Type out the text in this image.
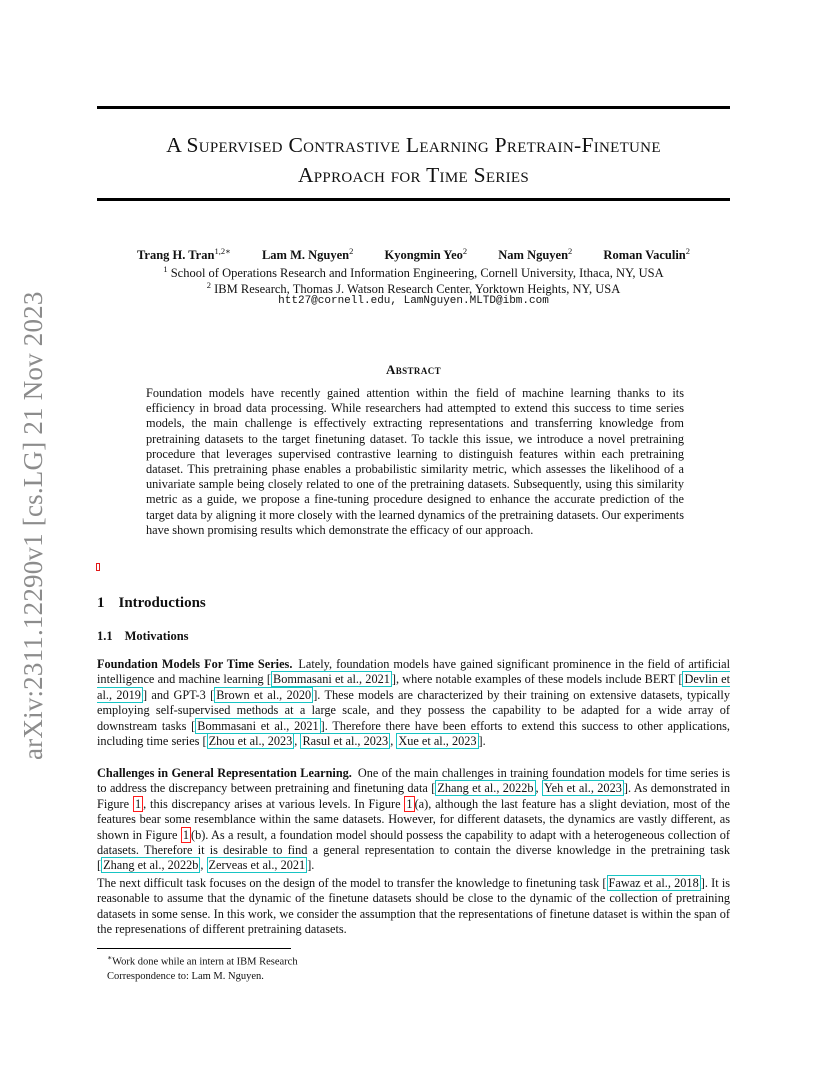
arXiv:2311.12290v1 [cs.LG] 21 Nov 2023
A Supervised Contrastive Learning Pretrain-Finetune
Approach for Time Series
Trang H. Tran$^{1,2∗}$ Lam M. Nguyen$^2$ Kyongmin Yeo$^2$ Nam Nguyen$^2$ Roman Vaculin$^2$
$^1$ School of Operations Research and Information Engineering, Cornell University, Ithaca, NY, USA
$^2$ IBM Research, Thomas J. Watson Research Center, Yorktown Heights, NY, USA
htt27@cornell.edu, LamNguyen.MLTD@ibm.com
Abstract

Foundation models have recently gained attention within the field of machine learning thanks to its efficiency in broad data processing. While researchers had attempted to extend this success to time series models, the main challenge is effectively extracting representations and transferring knowledge from pretraining datasets to the target finetuning dataset. To tackle this issue, we introduce a novel pretraining procedure that leverages supervised contrastive learning to distinguish features within each pretraining dataset. This pretraining phase enables a probabilistic similarity metric, which assesses the likelihood of a univariate sample being closely related to one of the pretraining datasets. Subsequently, using this similarity metric as a guide, we propose a fine-tuning procedure designed to enhance the accurate prediction of the target data by aligning it more closely with the learned dynamics of the pretraining datasets. Our experiments have shown promising results which demonstrate the efficacy of our approach.

1 Introductions
1.1 Motivations

Foundation Models For Time Series. Lately, foundation models have gained significant prominence in the field of artificial intelligence and machine learning [ Bommasani et al., 2021 ], where notable examples of these models include BERT [ Devlin et al., 2019 ] and GPT-3 [ Brown et al., 2020 ]. These models are characterized by their training on extensive datasets, typically employing self-supervised methods at a large scale, and they possess the capability to be adapted for a wide array of downstream tasks [ Bommasani et al., 2021 ]. Therefore there have been efforts to extend this success to other applications, including time series [ Zhou et al., 2023 , Rasul et al., 2023 , Xue et al., 2023 ].

Challenges in General Representation Learning. One of the main challenges in training foundation models for time series is to address the discrepancy between pretraining and finetuning data [ Zhang et al., 2022b , Yeh et al., 2023 ]. As demonstrated in Figure 1 , this discrepancy arises at various levels. In Figure 1 (a), although the last feature has a slight deviation, most of the features bear some resemblance within the same datasets. However, for different datasets, the dynamics are vastly different, as shown in Figure 1 (b). As a result, a foundation model should possess the capability to adapt with a heterogeneous collection of datasets. Therefore it is desirable to find a general representation to contain the diverse knowledge in the pretraining task [ Zhang et al., 2022b , Zerveas et al., 2021 ].

The next difficult task focuses on the design of the model to transfer the knowledge to finetuning task [ Fawaz et al., 2018 ]. It is reasonable to assume that the dynamic of the finetune datasets should be close to the dynamic of the collection of pretraining datasets in some sense. In this work, we consider the assumption that the representations of finetune dataset is within the span of the represenations of different pretraining datasets.

∗Work done while an intern at IBM Research
Correspondence to: Lam M. Nguyen.
